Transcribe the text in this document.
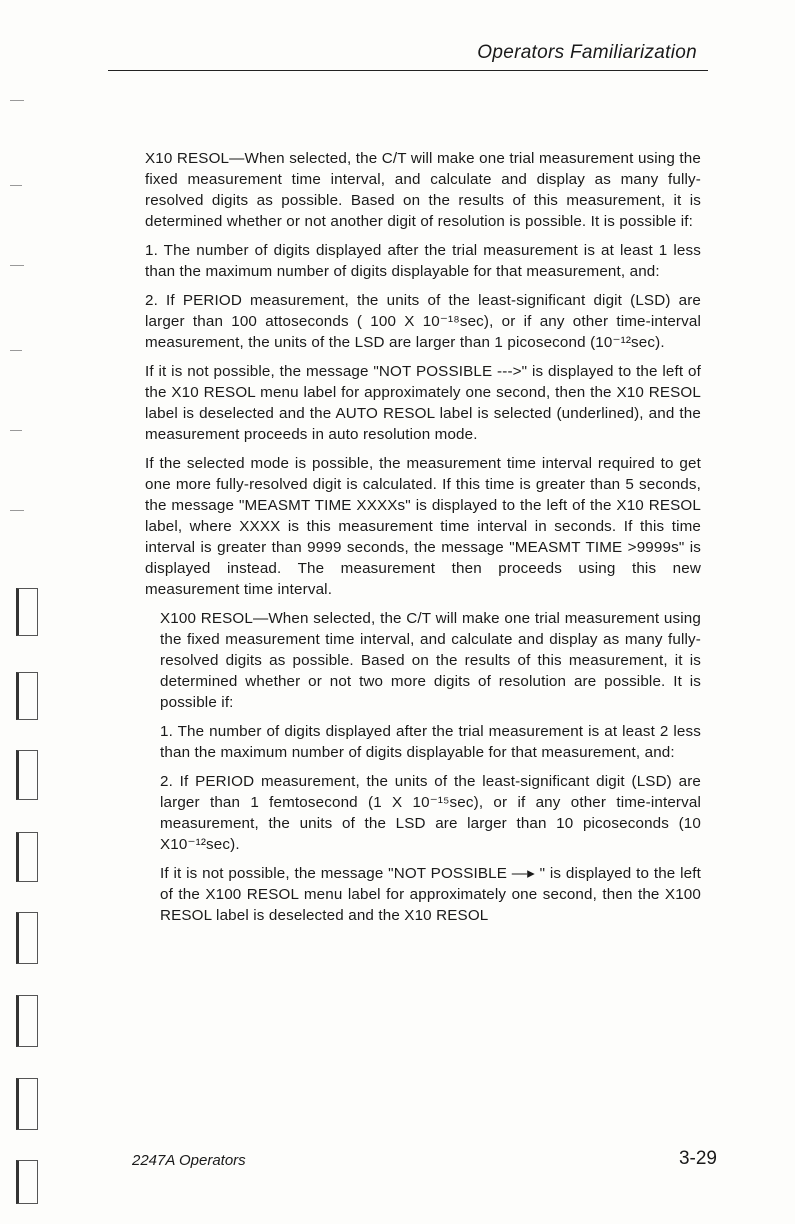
Operators Familiarization

X10 RESOL—When selected, the C/T will make one trial measurement using the fixed measurement time interval, and calculate and display as many fully-resolved digits as possible. Based on the results of this measurement, it is determined whether or not another digit of resolution is possible. It is possible if:

1. The number of digits displayed after the trial measurement is at least 1 less than the maximum number of digits displayable for that measurement, and:

2. If PERIOD measurement, the units of the least-significant digit (LSD) are larger than 100 attoseconds ( 100 X 10⁻¹⁸sec), or if any other time-interval measurement, the units of the LSD are larger than 1 picosecond (10⁻¹²sec).

If it is not possible, the message "NOT POSSIBLE --->" is displayed to the left of the X10 RESOL menu label for approximately one second, then the X10 RESOL label is deselected and the AUTO RESOL label is selected (underlined), and the measurement proceeds in auto resolution mode.

If the selected mode is possible, the measurement time interval required to get one more fully-resolved digit is calculated. If this time is greater than 5 seconds, the message "MEASMT TIME XXXXs" is displayed to the left of the X10 RESOL label, where XXXX is this measurement time interval in seconds. If this time interval is greater than 9999 seconds, the message "MEASMT TIME >9999s" is displayed instead. The measurement then proceeds using this new measurement time interval.

X100 RESOL—When selected, the C/T will make one trial measurement using the fixed measurement time interval, and calculate and display as many fully-resolved digits as possible. Based on the results of this measurement, it is determined whether or not two more digits of resolution are possible. It is possible if:

1. The number of digits displayed after the trial measurement is at least 2 less than the maximum number of digits displayable for that measurement, and:

2. If PERIOD measurement, the units of the least-significant digit (LSD) are larger than 1 femtosecond (1 X 10⁻¹⁵sec), or if any other time-interval measurement, the units of the LSD are larger than 10 picoseconds (10 X10⁻¹²sec).

If it is not possible, the message "NOT POSSIBLE —▸ " is displayed to the left of the X100 RESOL menu label for approximately one second, then the X100 RESOL label is deselected and the X10 RESOL

2247A Operators	3-29
